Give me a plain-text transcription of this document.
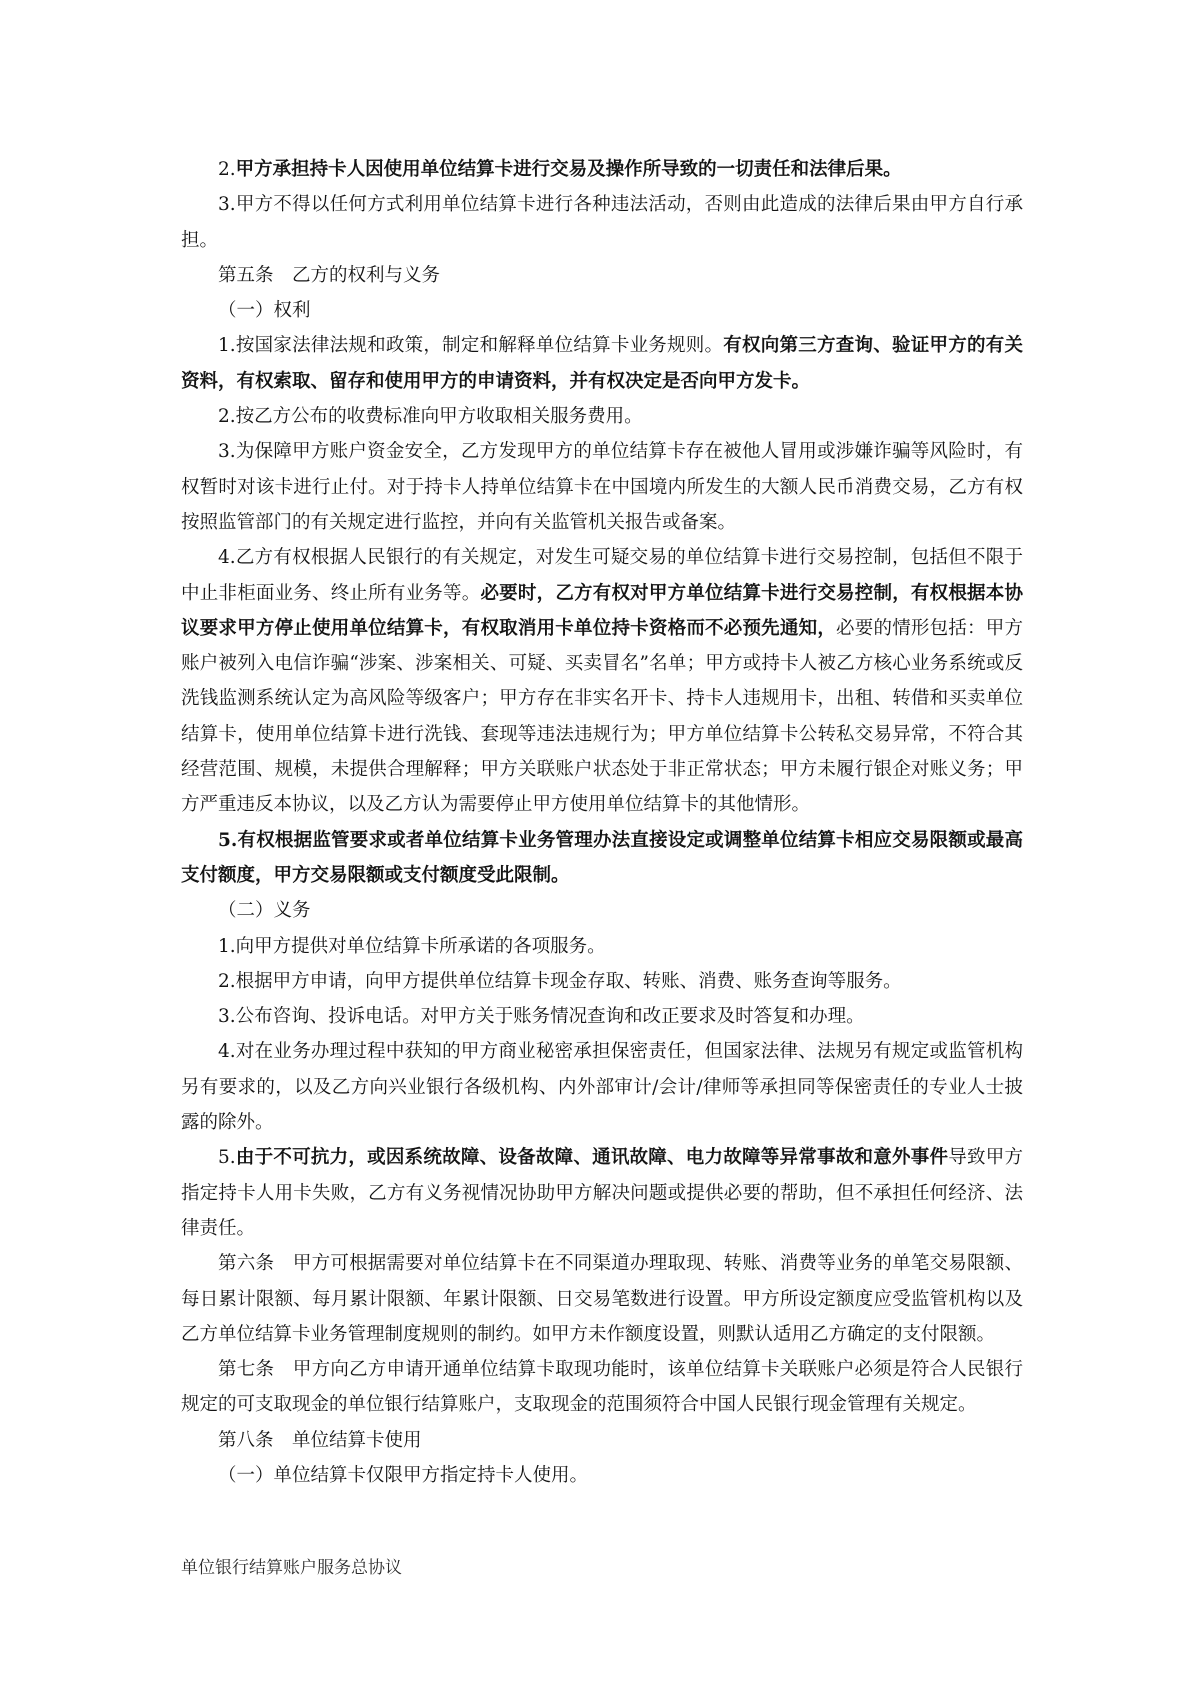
2.甲方承担持卡人因使用单位结算卡进行交易及操作所导致的一切责任和法律后果。

3.甲方不得以任何方式利用单位结算卡进行各种违法活动，否则由此造成的法律后果由甲方自行承担。

第五条　乙方的权利与义务

（一）权利

1.按国家法律法规和政策，制定和解释单位结算卡业务规则。有权向第三方查询、验证甲方的有关资料，有权索取、留存和使用甲方的申请资料，并有权决定是否向甲方发卡。

2.按乙方公布的收费标准向甲方收取相关服务费用。

3.为保障甲方账户资金安全，乙方发现甲方的单位结算卡存在被他人冒用或涉嫌诈骗等风险时，有权暂时对该卡进行止付。对于持卡人持单位结算卡在中国境内所发生的大额人民币消费交易，乙方有权按照监管部门的有关规定进行监控，并向有关监管机关报告或备案。

4.乙方有权根据人民银行的有关规定，对发生可疑交易的单位结算卡进行交易控制，包括但不限于中止非柜面业务、终止所有业务等。必要时，乙方有权对甲方单位结算卡进行交易控制，有权根据本协议要求甲方停止使用单位结算卡，有权取消用卡单位持卡资格而不必预先通知，必要的情形包括：甲方账户被列入电信诈骗“涉案、涉案相关、可疑、买卖冒名”名单；甲方或持卡人被乙方核心业务系统或反洗钱监测系统认定为高风险等级客户；甲方存在非实名开卡、持卡人违规用卡，出租、转借和买卖单位结算卡，使用单位结算卡进行洗钱、套现等违法违规行为；甲方单位结算卡公转私交易异常，不符合其经营范围、规模，未提供合理解释；甲方关联账户状态处于非正常状态；甲方未履行银企对账义务；甲方严重违反本协议，以及乙方认为需要停止甲方使用单位结算卡的其他情形。

5.有权根据监管要求或者单位结算卡业务管理办法直接设定或调整单位结算卡相应交易限额或最高支付额度，甲方交易限额或支付额度受此限制。

（二）义务

1.向甲方提供对单位结算卡所承诺的各项服务。

2.根据甲方申请，向甲方提供单位结算卡现金存取、转账、消费、账务查询等服务。

3.公布咨询、投诉电话。对甲方关于账务情况查询和改正要求及时答复和办理。

4.对在业务办理过程中获知的甲方商业秘密承担保密责任，但国家法律、法规另有规定或监管机构另有要求的，以及乙方向兴业银行各级机构、内外部审计/会计/律师等承担同等保密责任的专业人士披露的除外。

5.由于不可抗力，或因系统故障、设备故障、通讯故障、电力故障等异常事故和意外事件导致甲方指定持卡人用卡失败，乙方有义务视情况协助甲方解决问题或提供必要的帮助，但不承担任何经济、法律责任。

第六条　甲方可根据需要对单位结算卡在不同渠道办理取现、转账、消费等业务的单笔交易限额、每日累计限额、每月累计限额、年累计限额、日交易笔数进行设置。甲方所设定额度应受监管机构以及乙方单位结算卡业务管理制度规则的制约。如甲方未作额度设置，则默认适用乙方确定的支付限额。

第七条　甲方向乙方申请开通单位结算卡取现功能时，该单位结算卡关联账户必须是符合人民银行规定的可支取现金的单位银行结算账户，支取现金的范围须符合中国人民银行现金管理有关规定。

第八条　单位结算卡使用

（一）单位结算卡仅限甲方指定持卡人使用。

单位银行结算账户服务总协议
